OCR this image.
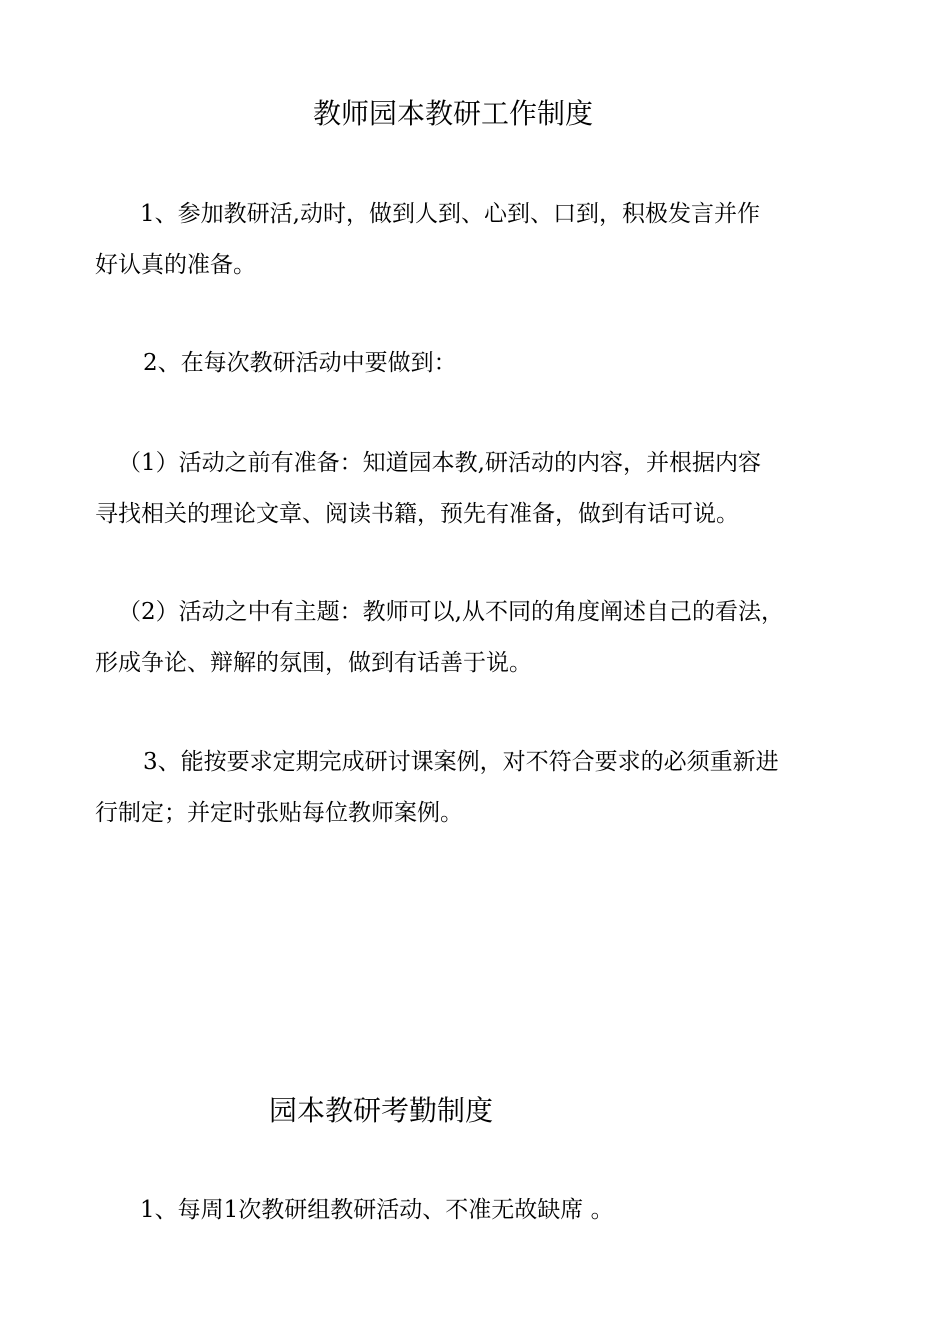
教师园本教研工作制度
1、参加教研活,动时，做到人到、心到、口到，积极发言并作
好认真的准备。
2、在每次教研活动中要做到：
（1）活动之前有准备：知道园本教,研活动的内容，并根据内容
寻找相关的理论文章、阅读书籍，预先有准备，做到有话可说。
（2）活动之中有主题：教师可以,从不同的角度阐述自己的看法，
形成争论、辩解的氛围，做到有话善于说。
3、能按要求定期完成研讨课案例，对不符合要求的必须重新进
行制定；并定时张贴每位教师案例。
园本教研考勤制度
1、每周1次教研组教研活动、不准无故缺席 。
